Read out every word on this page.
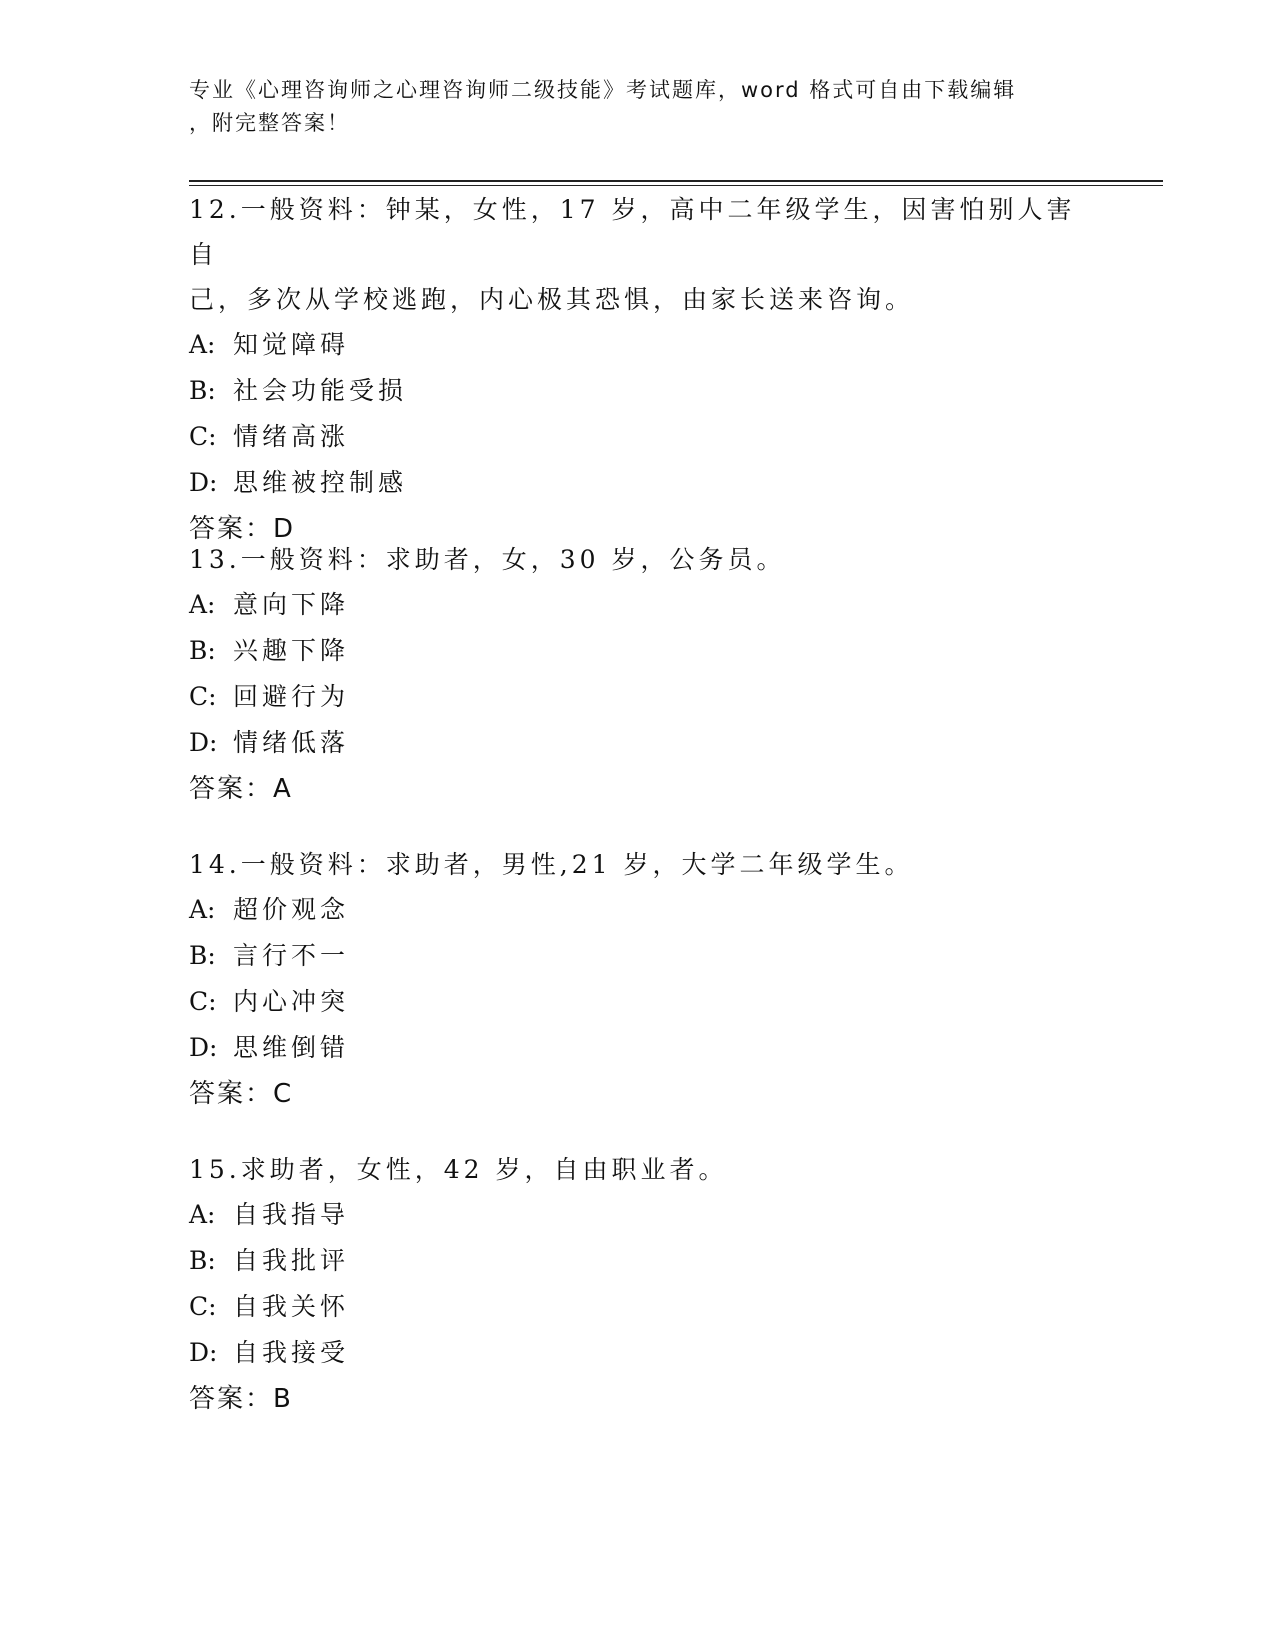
专业《心理咨询师之心理咨询师二级技能》考试题库，word 格式可自由下载编辑
，附完整答案！

12.一般资料：钟某，女性，17 岁，高中二年级学生，因害怕别人害自

己，多次从学校逃跑，内心极其恐惧，由家长送来咨询。

A: 知觉障碍

B: 社会功能受损

C: 情绪高涨

D: 思维被控制感

答案：D

13.一般资料：求助者，女，30 岁，公务员。

A: 意向下降

B: 兴趣下降

C: 回避行为

D: 情绪低落

答案：A

14.一般资料：求助者，男性,21 岁，大学二年级学生。

A: 超价观念

B: 言行不一

C: 内心冲突

D: 思维倒错

答案：C

15.求助者，女性，42 岁，自由职业者。

A: 自我指导

B: 自我批评

C: 自我关怀

D: 自我接受

答案：B
